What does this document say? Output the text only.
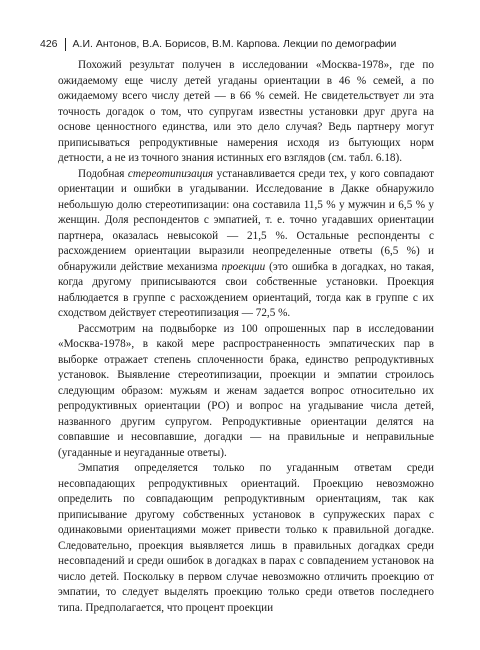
426 А.И. Антонов, В.А. Борисов, В.М. Карпова. Лекции по демографии

Похожий результат получен в исследовании «Москва-1978», где по ожидаемому еще числу детей угаданы ориентации в 46 % семей, а по ожидаемому всего числу детей — в 66 % семей. Не свидетельствует ли эта точность догадок о том, что супругам известны установки друг друга на основе ценностного единства, или это дело случая? Ведь партнеру могут приписываться репродуктивные намерения исходя из бытующих норм детности, а не из точного знания истинных его взглядов (см. табл. 6.18).

Подобная стереотипизация устанавливается среди тех, у кого совпадают ориентации и ошибки в угадывании. Исследование в Дакке обнаружило небольшую долю стереотипизации: она составила 11,5 % у мужчин и 6,5 % у женщин. Доля респондентов с эмпатией, т. е. точно угадавших ориентации партнера, оказалась невысокой — 21,5 %. Остальные респонденты с расхождением ориентации выразили неопределенные ответы (6,5 %) и обнаружили действие механизма проекции (это ошибка в догадках, но такая, когда другому приписываются свои собственные установки. Проекция наблюдается в группе с расхождением ориентаций, тогда как в группе с их сходством действует стереотипизация — 72,5 %.

Рассмотрим на подвыборке из 100 опрошенных пар в исследовании «Москва-1978», в какой мере распространенность эмпатических пар в выборке отражает степень сплоченности брака, единство репродуктивных установок. Выявление стереотипизации, проекции и эмпатии строилось следующим образом: мужьям и женам задается вопрос относительно их репродуктивных ориентации (РО) и вопрос на угадывание числа детей, названного другим супругом. Репродуктивные ориентации делятся на совпавшие и несовпавшие, догадки — на правильные и неправильные (угаданные и неугаданные ответы).

Эмпатия определяется только по угаданным ответам среди несовпадающих репродуктивных ориентаций. Проекцию невозможно определить по совпадающим репродуктивным ориентациям, так как приписывание другому собственных установок в супружеских парах с одинаковыми ориентациями может привести только к правильной догадке. Следовательно, проекция выявляется лишь в правильных догадках среди несовпадений и среди ошибок в догадках в парах с совпадением установок на число детей. Поскольку в первом случае невозможно отличить проекцию от эмпатии, то следует выделять проекцию только среди ответов последнего типа. Предполагается, что процент проекции
